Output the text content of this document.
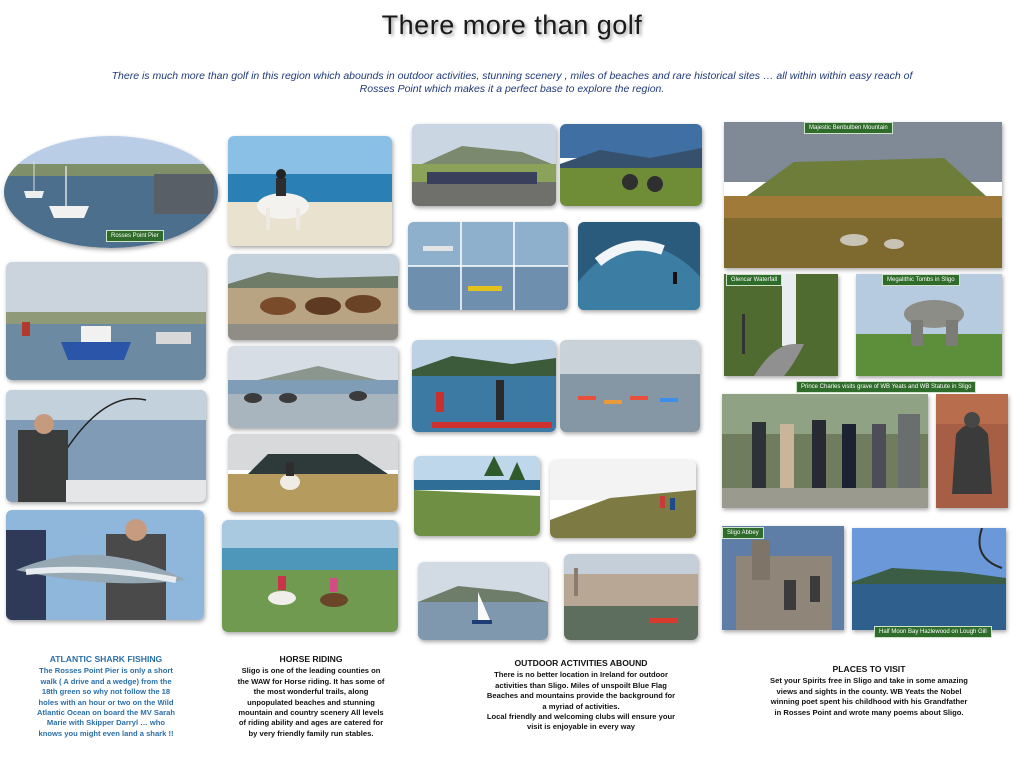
There more than golf
There is much more than golf in this region which abounds in outdoor activities, stunning scenery , miles of beaches and rare historical sites … all within within easy reach of Rosses Point which makes it a perfect base to explore the region.
Rosses Point Pier
ATLANTIC SHARK FISHING
The Rosses Point Pier is only a short
walk ( A drive and a wedge) from the
18th green so why not follow the 18
holes with an hour or two on the Wild
Atlantic Ocean on board the MV Sarah
Marie with Skipper Darryl … who
knows you might even land a shark !!
HORSE RIDING
Sligo is one of the leading counties on
the WAW for Horse riding. It has some of
the most wonderful trails, along
unpopulated beaches and stunning
mountain and country scenery All levels
of riding ability and ages are catered for
by very friendly family run stables.
OUTDOOR ACTIVITIES ABOUND
There is no better location in Ireland for outdoor
activities than Sligo. Miles of unspoilt Blue Flag
Beaches and mountains provide the background for
a myriad of activities.
Local friendly and welcoming clubs will ensure your
visit is enjoyable in every way
Majestic Benbulben Mountain
Glencar Waterfall	Megalithic Tombs in Sligo
Prince Charles visits grave of WB Yeats and WB Statute in Sligo
Sligo Abbey
Half Moon Bay Hazlewood on Lough Gill
PLACES TO VISIT
Set your Spirits free in Sligo and take in some amazing
views and sights in the county. WB Yeats the Nobel
winning poet spent his childhood with his Grandfather
in Rosses Point and wrote many poems about Sligo.
